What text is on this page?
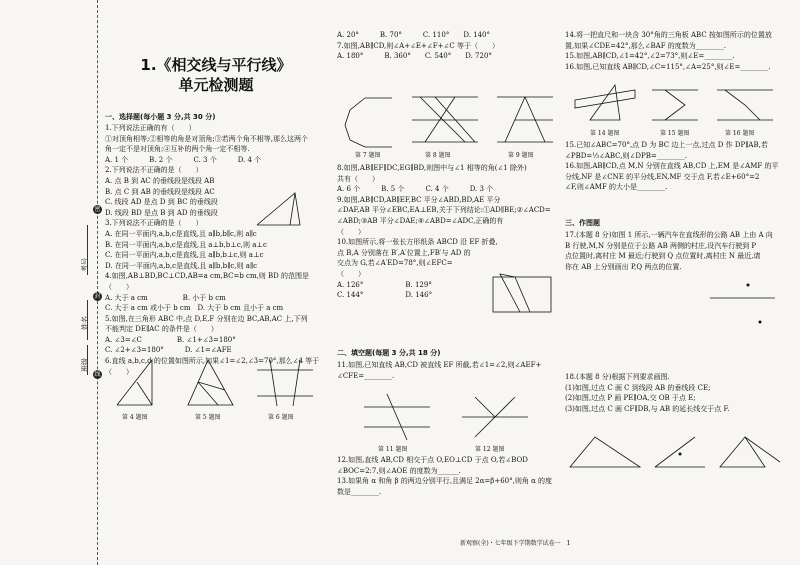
密
封
线
考号
姓名
班级
1.《相交线与平行线》
单元检测题
一、选择题(每小题 3 分,共 30 分)
1.下列说法正确的有（　　）
①对顶角相等;②相等的角是对顶角;③若两个角不相等,那么这两个
角一定不是对顶角;④互补的两个角一定不相等.
A. 1 个　　　B. 2 个　　　C. 3 个　　　D. 4 个
2.下列说法不正确的是（　　）
A. 点 B 到 AC 的垂线段是线段 AB
B. 点 C 到 AB 的垂线段是线段 AC
C. 线段 AD 是点 D 到 BC 的垂线段
D. 线段 BD 是点 B 到 AD 的垂线段
3.下列说法不正确的是（　　）
A. 在同一平面内,a,b,c是直线,且 a∥b,b∥c,则 a∥c
B. 在同一平面内,a,b,c是直线,且 a⊥b,b⊥c,则 a⊥c
C. 在同一平面内,a,b,c是直线,且 a∥b,b⊥c,则 a⊥c
D. 在同一平面内,a,b,c是直线,且 a∥b,b∥c,则 a∥c
4.如图,AB⊥BD,BC⊥CD,AB=a cm,BC=b cm,则 BD 的范围是
（　　）
A. 大于 a cm　　　　　B. 小于 b cm
C. 大于 a cm 或小于 b cm　D. 大于 b cm 且小于 a cm
5.如图,在三角形 ABC 中,点 D,E,F 分别在边 BC,AB,AC 上,下列
不能判定 DE∥AC 的条件是（　　）
A. ∠3=∠C　　　　　B. ∠1+∠3=180°
C. ∠2+∠3=180°　　　D. ∠1=∠AFE
6.直线 a,b,c,d 的位置如图所示,如果∠1=∠2,∠3=70°,那么∠4 等于
（　　）
第 4 题图	第 5 题图	第 6 题图
A. 20°　　　B. 70°　　　C. 110°　　D. 140°
7.如图,AB∥CD,则∠A+∠E+∠F+∠C 等于（　　）
A. 180°　　　B. 360°　　C. 540°　　D. 720°
8.如图,AB∥EF∥DC,EG∥BD,则图中与∠1 相等的角(∠1 除外)
共有（　　）
A. 6 个　　　B. 5 个　　　C. 4 个　　　D. 3 个
9.如图,AB∥CD,AB∥EF,BC 平分∠ABD,BD,AE 平分
∠DAF,AB 平分∠EBC,EA⊥EB,关于下列结论:①AD∥BE;②∠ACD=
∠ABD;③AB 平分∠DAE;④∠ABD=∠ADC,正确的有
（　　）
10.如图所示,将一张长方形纸条 ABCD 沿 EF 折叠,
点 B,A 分别落在 B′,A′位置上,FB′与 AD 的
交点为 G,若∠A′ED=78°,则∠EFC=
（　　）
A. 126°　　　　　　B. 129°
C. 144°　　　　　　D. 146°
二、填空题(每题 3 分,共 18 分)
11.如图,已知直线 AB,CD 被直线 EF 所截,若∠1=∠2,则∠AEF+
∠CFE=________.
12.如图,直线 AB,CD 相交于点 O,EO⊥CD 于点 O,若∠BOD
∠BOC=2:7,则∠AOE 的度数为______.
13.如果角 α 和角 β 的两边分别平行,且满足 2α=β+60°,则角 α 的度
数是________.
第 7 题图	第 8 题图	第 9 题图
第 11 题图	第 12 题图
14.将一把直尺和一块含 30°角的三角板 ABC 按如图所示的位置放
置,如果∠CDE=42°,那么∠BAF 的度数为________.
15.如图,AB∥CD,∠1=42°,∠2=73°,则∠E=________.
16.如图,已知直线 AB∥CD,∠C=115°,∠A=25°,则∠E=________.
15.已知∠ABC=70°,点 D 为 BC 边上一点,过点 D 作 DP∥AB,若
∠PBD=⅓∠ABC,则∠DPB=________.
16.如图,AB∥CD,点 M,N 分别在直线 AB,CD 上,EM 是∠AMF 的平
分线,NF 是∠CNE 的平分线,EN,MF 交于点 F,若∠E+60°=2
∠F,则∠AMF 的大小是________.
三、作图题
17.(本题 8 分)如图 1 所示,一辆汽车在直线形的公路 AB 上由 A 向
B 行驶,M,N 分别是位于公路 AB 两侧的村庄,设汽车行驶到 P
点位置时,离村庄 M 最近;行驶到 Q 点位置时,离村庄 N 最近,请
你在 AB 上分别画出 P,Q 两点的位置.
18.(本题 8 分)根据下列要求画图.
(1)如图,过点 C 画 C 到线段 AB 的垂线段 CE;
(2)如图,过点 P 画 PE∥OA,交 OB 于点 E;
(3)如图,过点 C 画 CF∥DB,与 AB 的延长线交于点 F.
第 14 题图	第 15 题图	第 16 题图
新观察(全)・七年级下学期数学试卷一　1
